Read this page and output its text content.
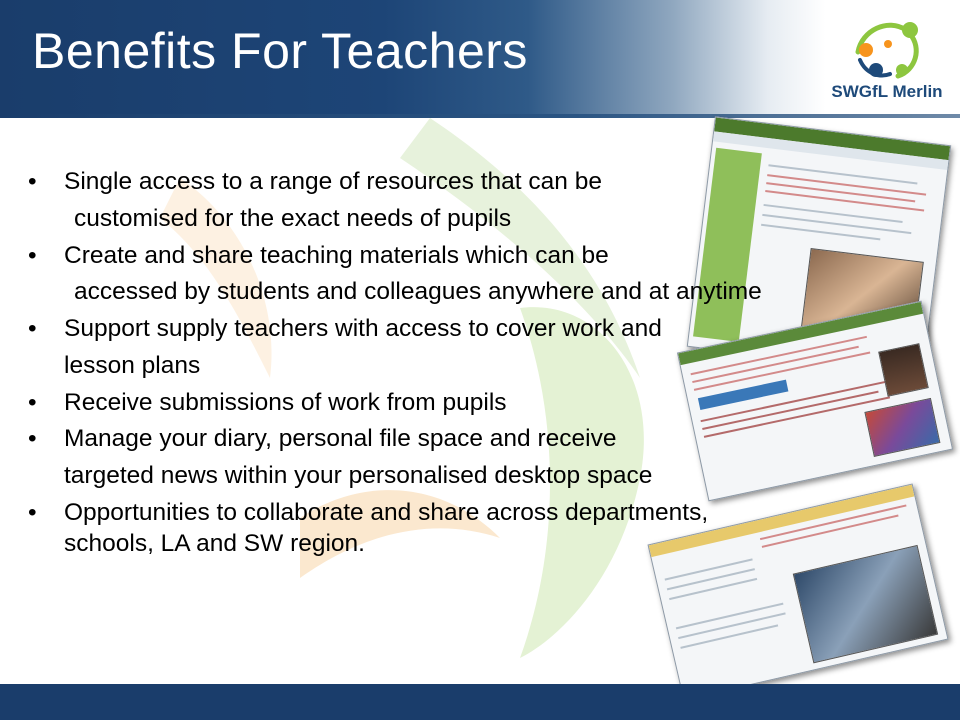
Benefits For Teachers
SWGfL Merlin
• Single access to a range of resources that can be
customised for the exact needs of pupils
• Create and share teaching materials which can be
accessed by students and colleagues anywhere and at anytime
• Support supply teachers with access to cover work and
lesson plans
• Receive submissions of work from pupils
• Manage your diary, personal file space and receive
targeted news within your personalised desktop space
• Opportunities to collaborate and share across departments,
schools, LA and SW region.
